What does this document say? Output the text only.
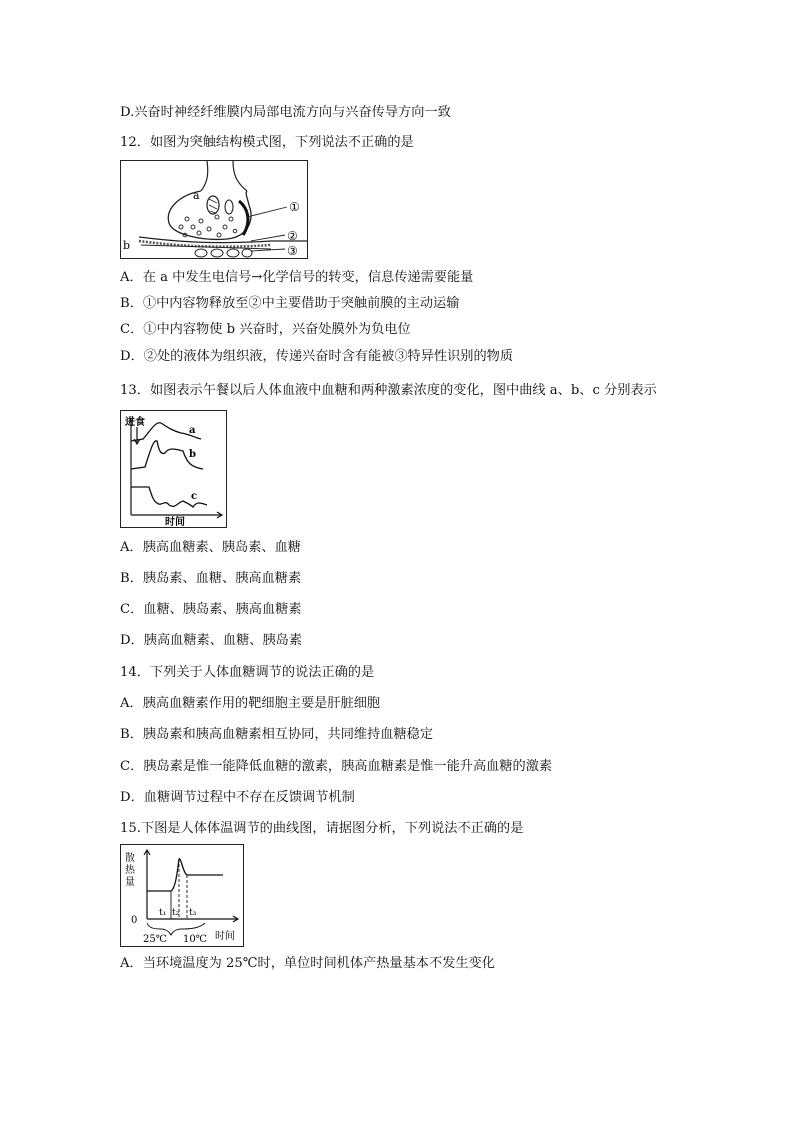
D.兴奋时神经纤维膜内局部电流方向与兴奋传导方向一致
12．如图为突触结构模式图，下列说法不正确的是
a
b
①
②
③
A．在 a 中发生电信号→化学信号的转变，信息传递需要能量
B．①中内容物释放至②中主要借助于突触前膜的主动运输
C．①中内容物使 b 兴奋时，兴奋处膜外为负电位
D．②处的液体为组织液，传递兴奋时含有能被③特异性识别的物质
13．如图表示午餐以后人体血液中血糖和两种激素浓度的变化，图中曲线 a、b、c 分别表示
进食
a
b
c
时间
A．胰高血糖素、胰岛素、血糖
B．胰岛素、血糖、胰高血糖素
C．血糖、胰岛素、胰高血糖素
D．胰高血糖素、血糖、胰岛素
14．下列关于人体血糖调节的说法正确的是
A．胰高血糖素作用的靶细胞主要是肝脏细胞
B．胰岛素和胰高血糖素相互协同，共同维持血糖稳定
C．胰岛素是惟一能降低血糖的激素，胰高血糖素是惟一能升高血糖的激素
D．血糖调节过程中不存在反馈调节机制
15.下图是人体体温调节的曲线图，请据图分析，下列说法不正确的是
散
热
量
0
t₁ t₂ t₃
25℃ 10℃ 时间
A．当环境温度为 25℃时，单位时间机体产热量基本不发生变化
